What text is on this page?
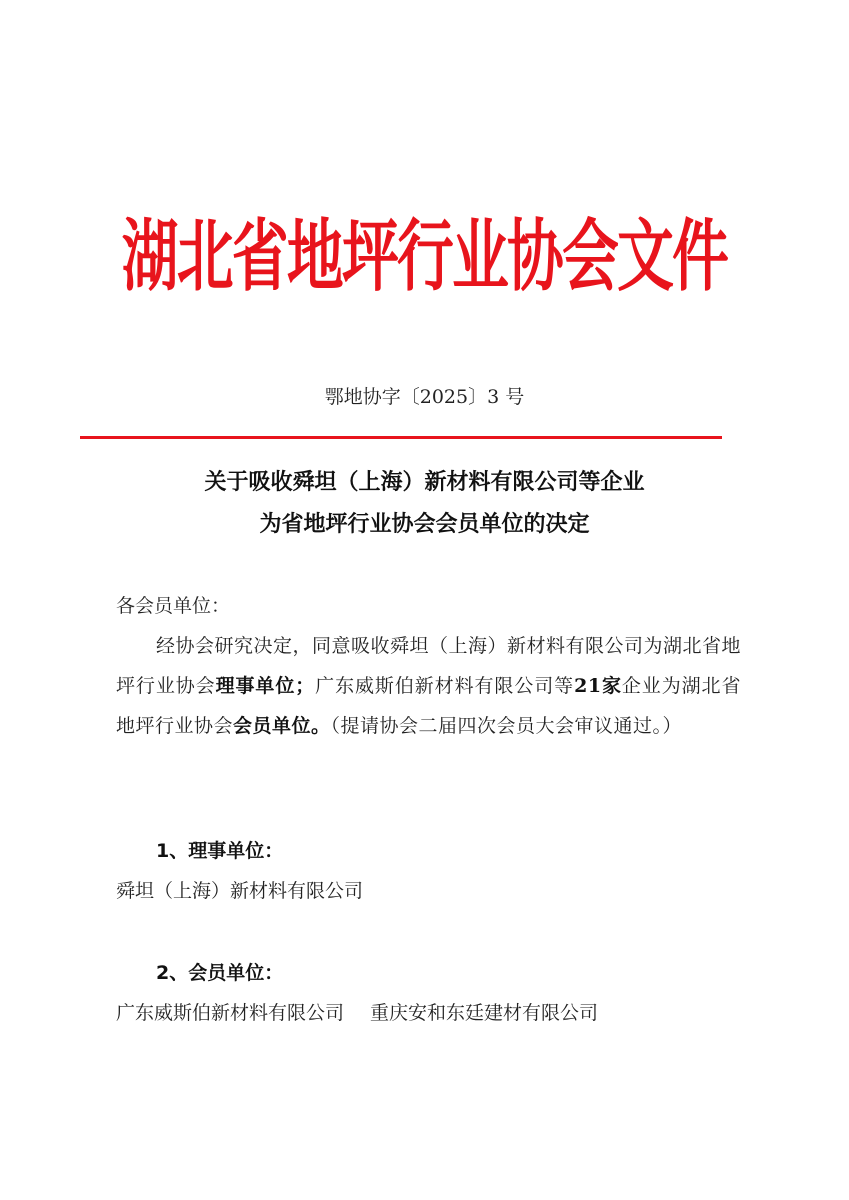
湖北省地坪行业协会文件
鄂地协字〔2025〕3 号
关于吸收舜坦（上海）新材料有限公司等企业
为省地坪行业协会会员单位的决定
各会员单位：
经协会研究决定，同意吸收舜坦（上海）新材料有限公司为湖北省地坪行业协会理事单位；广东威斯伯新材料有限公司等21家企业为湖北省地坪行业协会会员单位。（提请协会二届四次会员大会审议通过。）
1、理事单位：
舜坦（上海）新材料有限公司
2、会员单位：
广东威斯伯新材料有限公司 重庆安和东廷建材有限公司
